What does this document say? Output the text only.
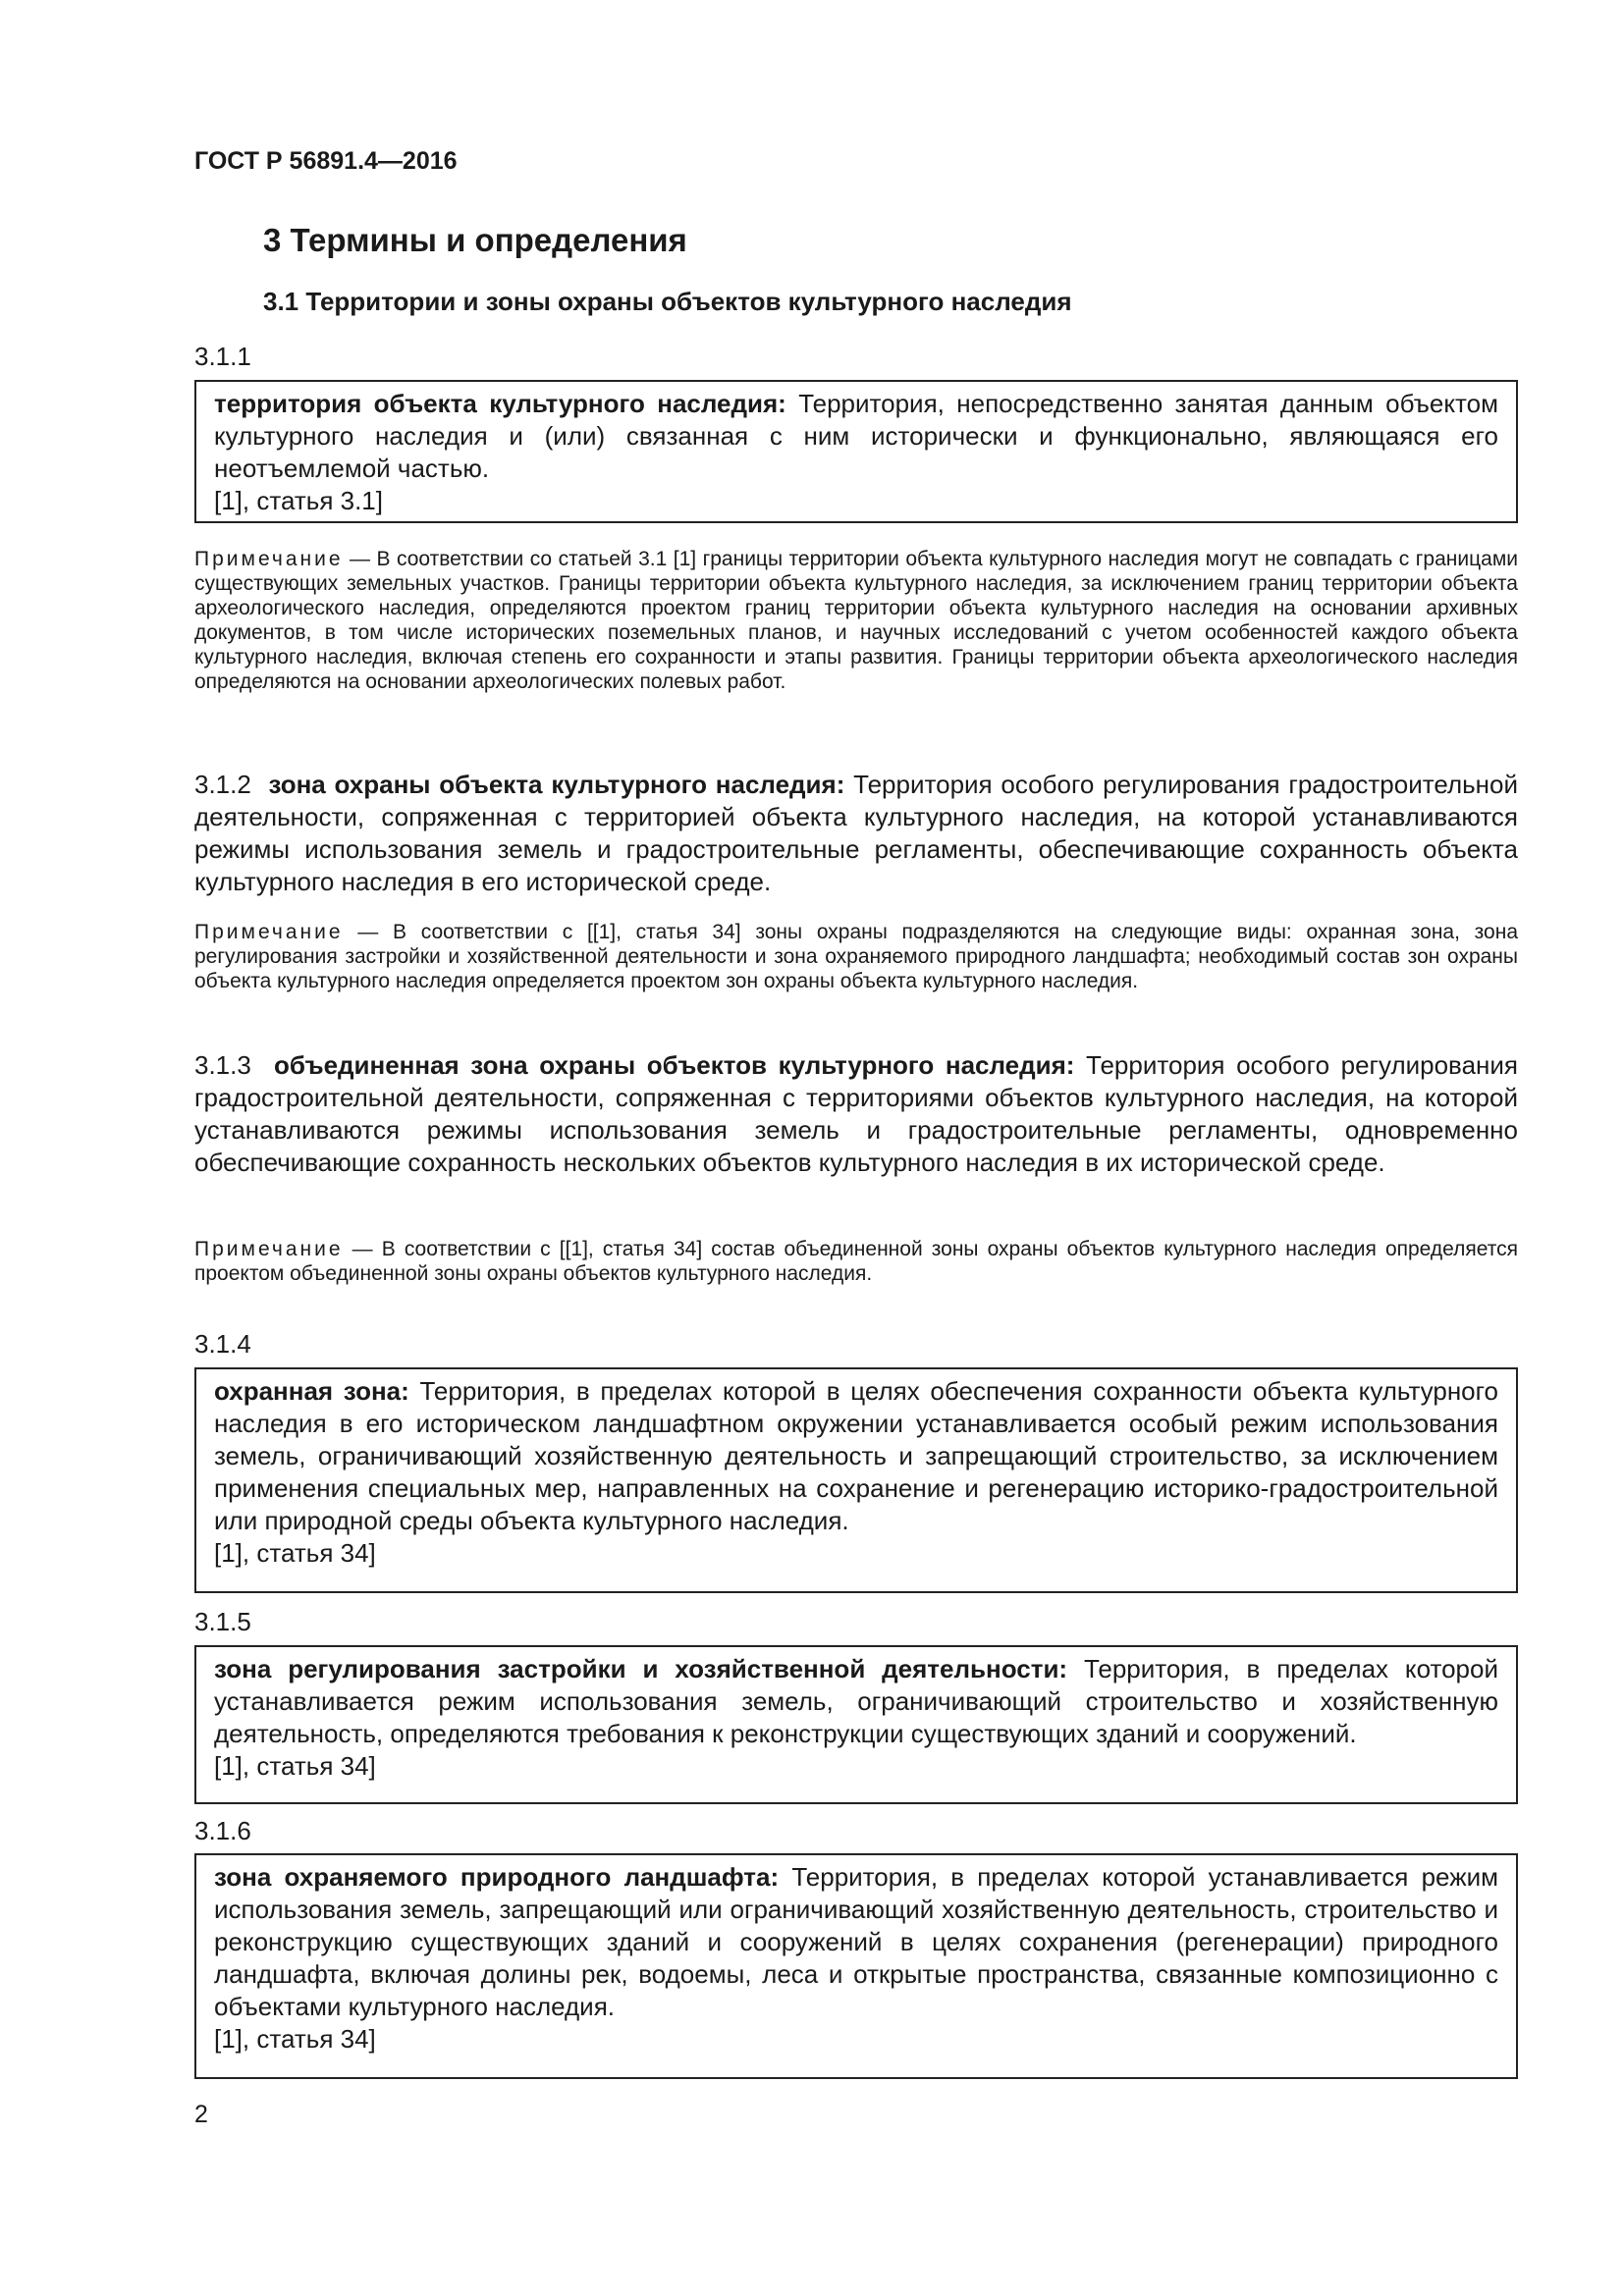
ГОСТ Р 56891.4—2016
3 Термины и определения
3.1 Территории и зоны охраны объектов культурного наследия
3.1.1
территория объекта культурного наследия: Территория, непосредственно занятая данным объектом культурного наследия и (или) связанная с ним исторически и функционально, являющаяся его неотъемлемой частью.
[1], статья 3.1]

Примечание — В соответствии со статьей 3.1 [1] границы территории объекта культурного наследия могут не совпадать с границами существующих земельных участков. Границы территории объекта культурного наследия, за исключением границ территории объекта археологического наследия, определяются проектом границ территории объекта культурного наследия на основании архивных документов, в том числе исторических поземельных планов, и научных исследований с учетом особенностей каждого объекта культурного наследия, включая степень его сохранности и этапы развития. Границы территории объекта археологического наследия определяются на основании археологических полевых работ.

3.1.2 зона охраны объекта культурного наследия: Территория особого регулирования градостроительной деятельности, сопряженная с территорией объекта культурного наследия, на которой устанавливаются режимы использования земель и градостроительные регламенты, обеспечивающие сохранность объекта культурного наследия в его исторической среде.

Примечание — В соответствии с [[1], статья 34] зоны охраны подразделяются на следующие виды: охранная зона, зона регулирования застройки и хозяйственной деятельности и зона охраняемого природного ландшафта; необходимый состав зон охраны объекта культурного наследия определяется проектом зон охраны объекта культурного наследия.

3.1.3 объединенная зона охраны объектов культурного наследия: Территория особого регулирования градостроительной деятельности, сопряженная с территориями объектов культурного наследия, на которой устанавливаются режимы использования земель и градостроительные регламенты, одновременно обеспечивающие сохранность нескольких объектов культурного наследия в их исторической среде.

Примечание — В соответствии с [[1], статья 34] состав объединенной зоны охраны объектов культурного наследия определяется проектом объединенной зоны охраны объектов культурного наследия.

3.1.4
охранная зона: Территория, в пределах которой в целях обеспечения сохранности объекта культурного наследия в его историческом ландшафтном окружении устанавливается особый режим использования земель, ограничивающий хозяйственную деятельность и запрещающий строительство, за исключением применения специальных мер, направленных на сохранение и регенерацию историко-градостроительной или природной среды объекта культурного наследия.
[1], статья 34]
3.1.5
зона регулирования застройки и хозяйственной деятельности: Территория, в пределах которой устанавливается режим использования земель, ограничивающий строительство и хозяйственную деятельность, определяются требования к реконструкции существующих зданий и сооружений.
[1], статья 34]
3.1.6
зона охраняемого природного ландшафта: Территория, в пределах которой устанавливается режим использования земель, запрещающий или ограничивающий хозяйственную деятельность, строительство и реконструкцию существующих зданий и сооружений в целях сохранения (регенерации) природного ландшафта, включая долины рек, водоемы, леса и открытые пространства, связанные композиционно с объектами культурного наследия.
[1], статья 34]
2
